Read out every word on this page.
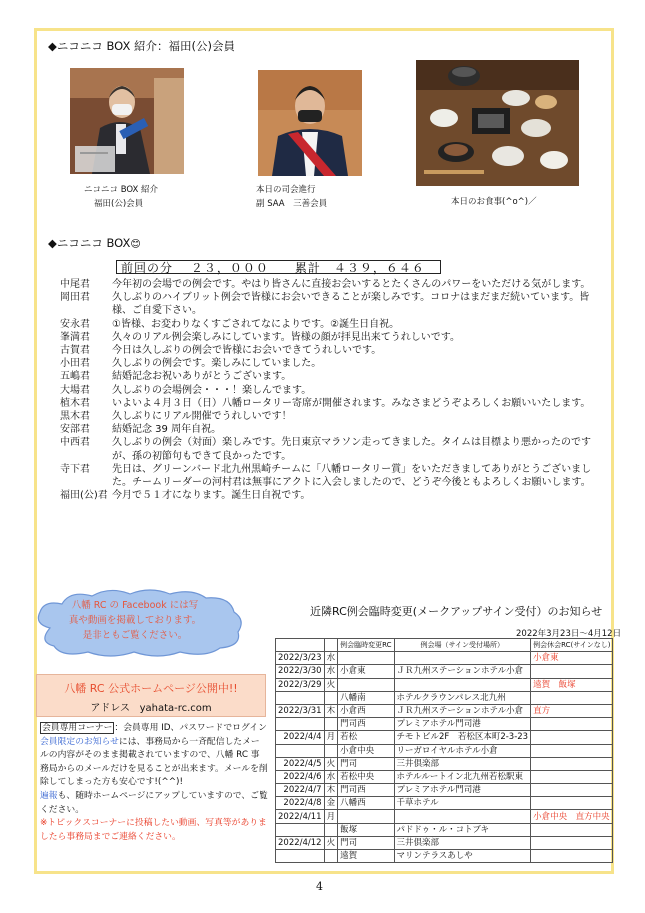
◆ニコニコ BOX 紹介：福田(公)会員
ニコニコ BOX 紹介
福田(公)会員
本日の司会進行
副 SAA　三善会員	本日のお食事(^o^)／
◆ニコニコ BOX😊
前回の分　 ２３，０００　　累計　４３９，６４６
中尾君	今年初の会場での例会です。やはり皆さんに直接お会いするとたくさんのパワーをいただける気がします。
岡田君	久しぶりのハイブリット例会で皆様にお会いできることが楽しみです。コロナはまだまだ続いています。皆様、ご自愛下さい。
安永君	①皆様、お変わりなくすごされてなによりです。②誕生日自祝。
峯満君	久々のリアル例会楽しみにしています。皆様の顔が拝見出来てうれしいです。
古賀君	今日は久しぶりの例会で皆様にお会いできてうれしいです。
小田君	久しぶりの例会です。楽しみにしていました。
五嶋君	結婚記念お祝いありがとうございます。
大場君	久しぶりの会場例会・・・！楽しんでます。
植木君	いよいよ４月３日（日）八幡ロータリー寄席が開催されます。みなさまどうぞよろしくお願いいたします。
黒木君	久しぶりにリアル開催でうれしいです！
安部君	結婚記念 39 周年自祝。
中西君	久しぶりの例会（対面）楽しみです。先日東京マラソン走ってきました。タイムは目標より悪かったのですが、孫の初節句もできて良かったです。
寺下君	先日は、グリーンバード北九州黒崎チームに「八幡ロータリー賞」をいただきましてありがとうございました。チームリーダーの河村君は無事にアクトに入会しましたので、どうぞ今後ともよろしくお願いします。
福田(公)君 今月で５１才になります。誕生日自祝です。
八幡 RC の Facebook には写
真や動画を掲載しております。
是非ともご覧ください。
八幡 RC 公式ホームページ公開中!!
アドレス yahata-rc.com
会員専用コーナー ：会員専用 ID、パスワードでログイン 会員限定のお知らせには、事務局から一斉配信したメールの内容がそのまま掲載されていますので、八幡 RC 事務局からのメールだけを見ることが出来ます。メールを削除してしまった方も安心です!(^^)!
遍報も、随時ホームページにアップしていますので、ご覧ください。
※トピックスコーナーに投稿したい動画、写真等がありましたら事務局までご連絡ください。
近隣RC例会臨時変更(メークアップサイン受付）のお知らせ
2022年3月23日～4月12日
		例会臨時変更RC	例会場（サイン受付場所）	例会休会RC(サインなし)
2022/3/23	水			小倉東
2022/3/30	水	小倉東	ＪＲ九州ステーションホテル小倉	
2022/3/29	火			遠賀　飯塚
		八幡南	ホテルクラウンパレス北九州	
2022/3/31	木	小倉西	ＪＲ九州ステーションホテル小倉	直方
		門司西	プレミアホテル門司港	
2022/4/4	月	若松	チモトビル2F　若松区本町2-3-23	
		小倉中央	リーガロイヤルホテル小倉	
2022/4/5	火	門司	三井倶楽部	
2022/4/6	水	若松中央	ホテルルートイン北九州若松駅東	
2022/4/7	木	門司西	プレミアホテル門司港	
2022/4/8	金	八幡西	千草ホテル	
2022/4/11	月			小倉中央　直方中央
		飯塚	パドドゥ・ル・コトブキ	
2022/4/12	火	門司	三井倶楽部	
		遠賀	マリンテラスあしや	
4
